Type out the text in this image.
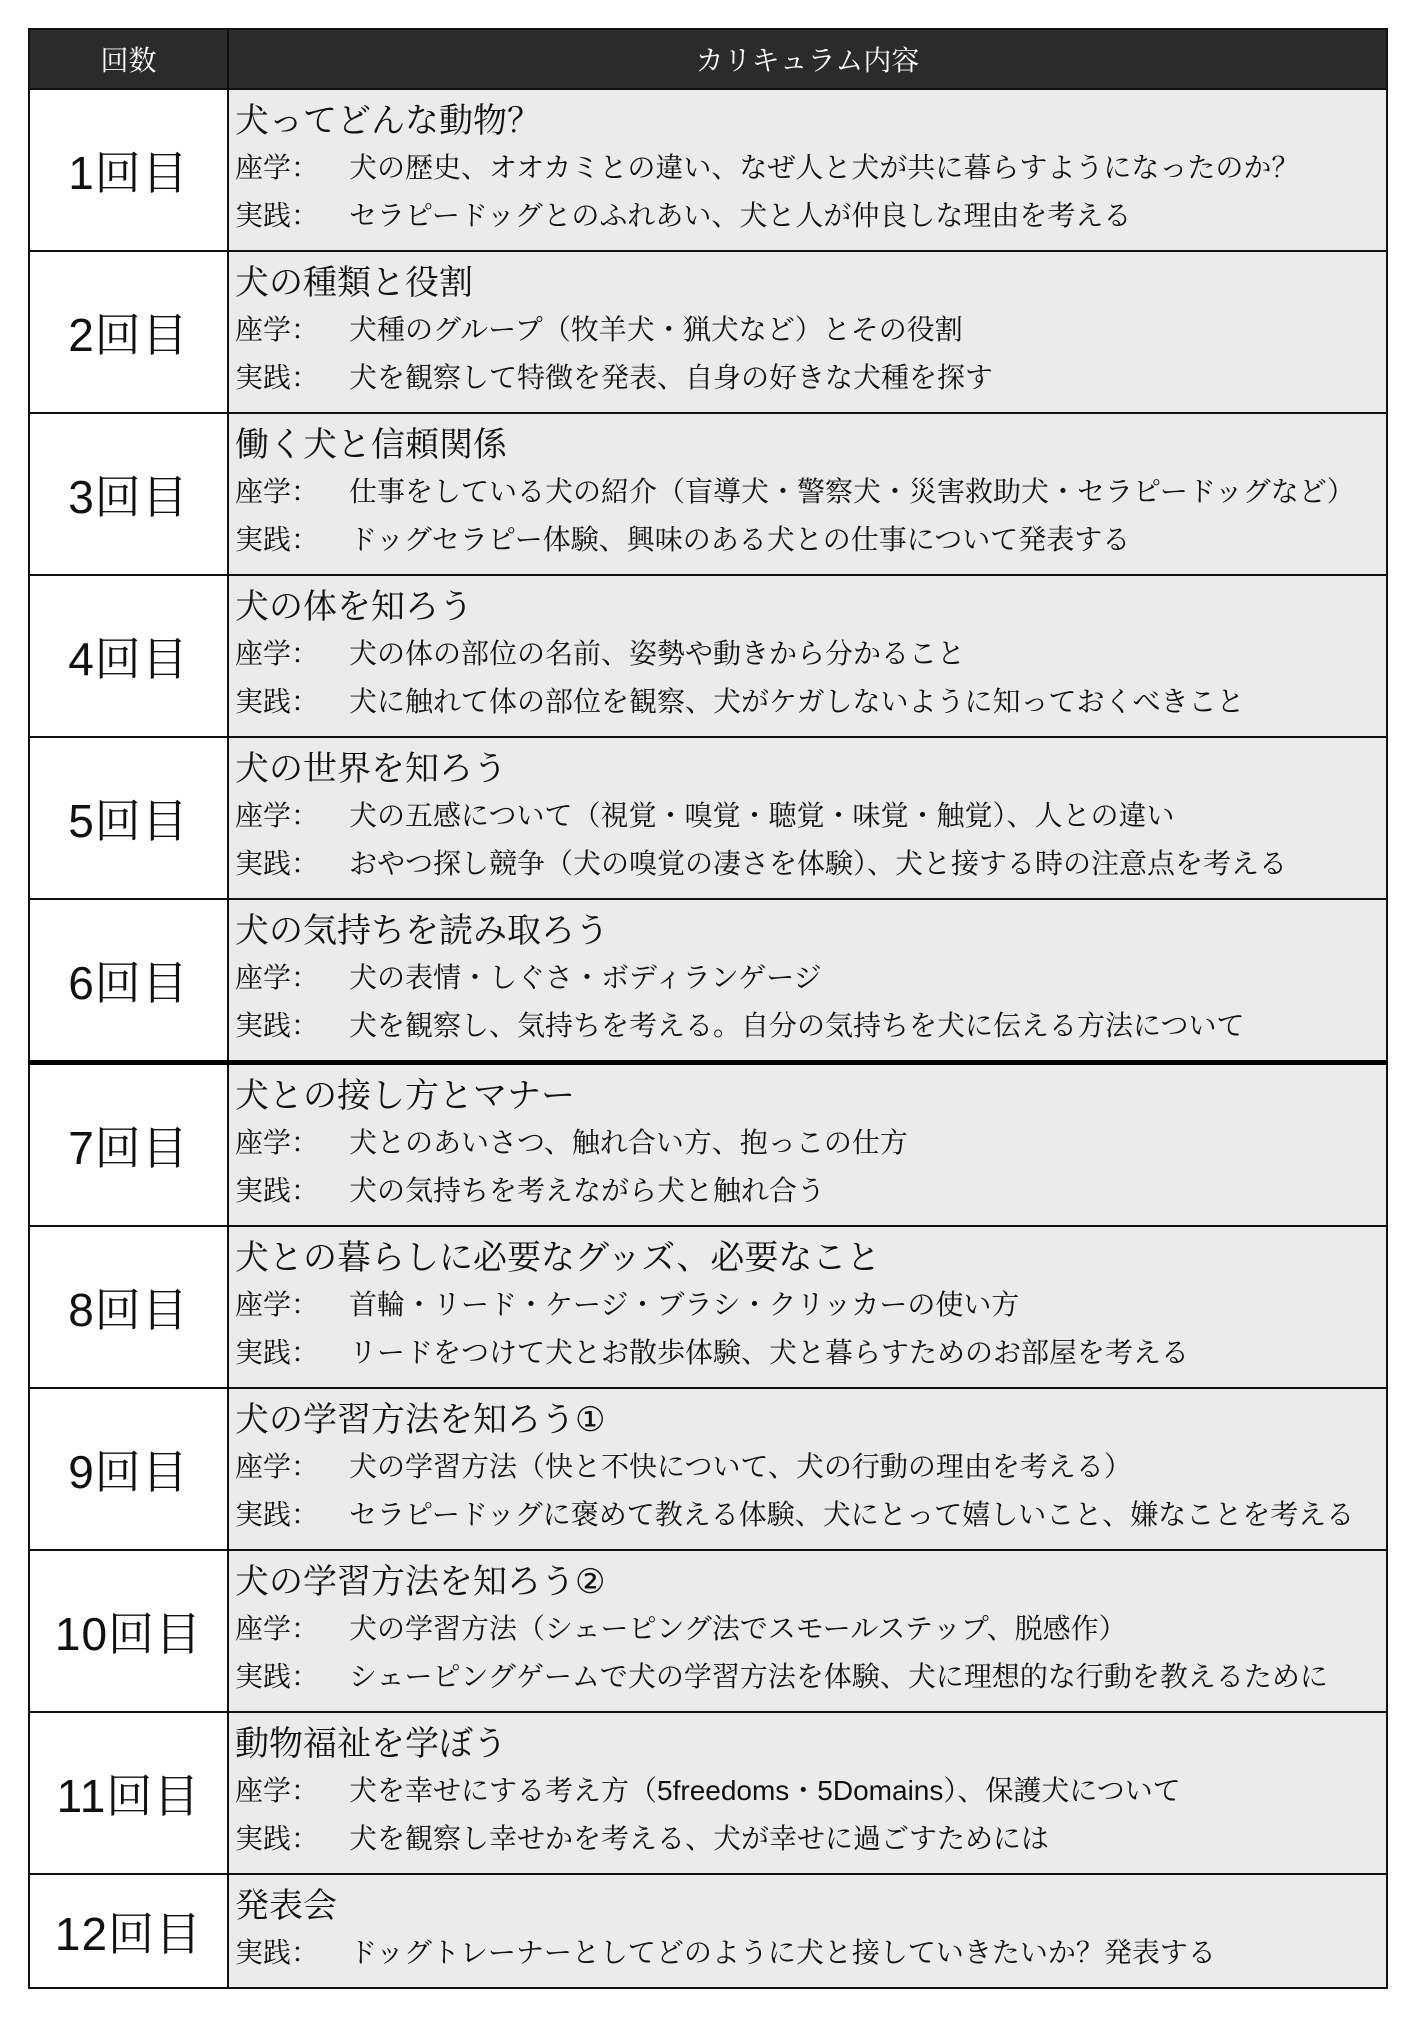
回数	カリキュラム内容
1回目	犬ってどんな動物？
座学： 犬の歴史、オオカミとの違い、なぜ人と犬が共に暮らすようになったのか？
実践： セラピードッグとのふれあい、犬と人が仲良しな理由を考える

2回目	犬の種類と役割
座学： 犬種のグループ（牧羊犬・猟犬など）とその役割
実践： 犬を観察して特徴を発表、自身の好きな犬種を探す

3回目	働く犬と信頼関係
座学： 仕事をしている犬の紹介（盲導犬・警察犬・災害救助犬・セラピードッグなど）
実践： ドッグセラピー体験、興味のある犬との仕事について発表する

4回目	犬の体を知ろう
座学： 犬の体の部位の名前、姿勢や動きから分かること
実践： 犬に触れて体の部位を観察、犬がケガしないように知っておくべきこと

5回目	犬の世界を知ろう
座学： 犬の五感について（視覚・嗅覚・聴覚・味覚・触覚）、人との違い
実践： おやつ探し競争（犬の嗅覚の凄さを体験）、犬と接する時の注意点を考える

6回目	犬の気持ちを読み取ろう
座学： 犬の表情・しぐさ・ボディランゲージ
実践： 犬を観察し、気持ちを考える。自分の気持ちを犬に伝える方法について

7回目	犬との接し方とマナー
座学： 犬とのあいさつ、触れ合い方、抱っこの仕方
実践： 犬の気持ちを考えながら犬と触れ合う

8回目	犬との暮らしに必要なグッズ、必要なこと
座学： 首輪・リード・ケージ・ブラシ・クリッカーの使い方
実践： リードをつけて犬とお散歩体験、犬と暮らすためのお部屋を考える

9回目	犬の学習方法を知ろう①
座学： 犬の学習方法（快と不快について、犬の行動の理由を考える）
実践： セラピードッグに褒めて教える体験、犬にとって嬉しいこと、嫌なことを考える

10回目	犬の学習方法を知ろう②
座学： 犬の学習方法（シェーピング法でスモールステップ、脱感作）
実践： シェーピングゲームで犬の学習方法を体験、犬に理想的な行動を教えるために

11回目	動物福祉を学ぼう
座学： 犬を幸せにする考え方（5freedoms・5Domains）、保護犬について
実践： 犬を観察し幸せかを考える、犬が幸せに過ごすためには

12回目	発表会
実践： ドッグトレーナーとしてどのように犬と接していきたいか？発表する
